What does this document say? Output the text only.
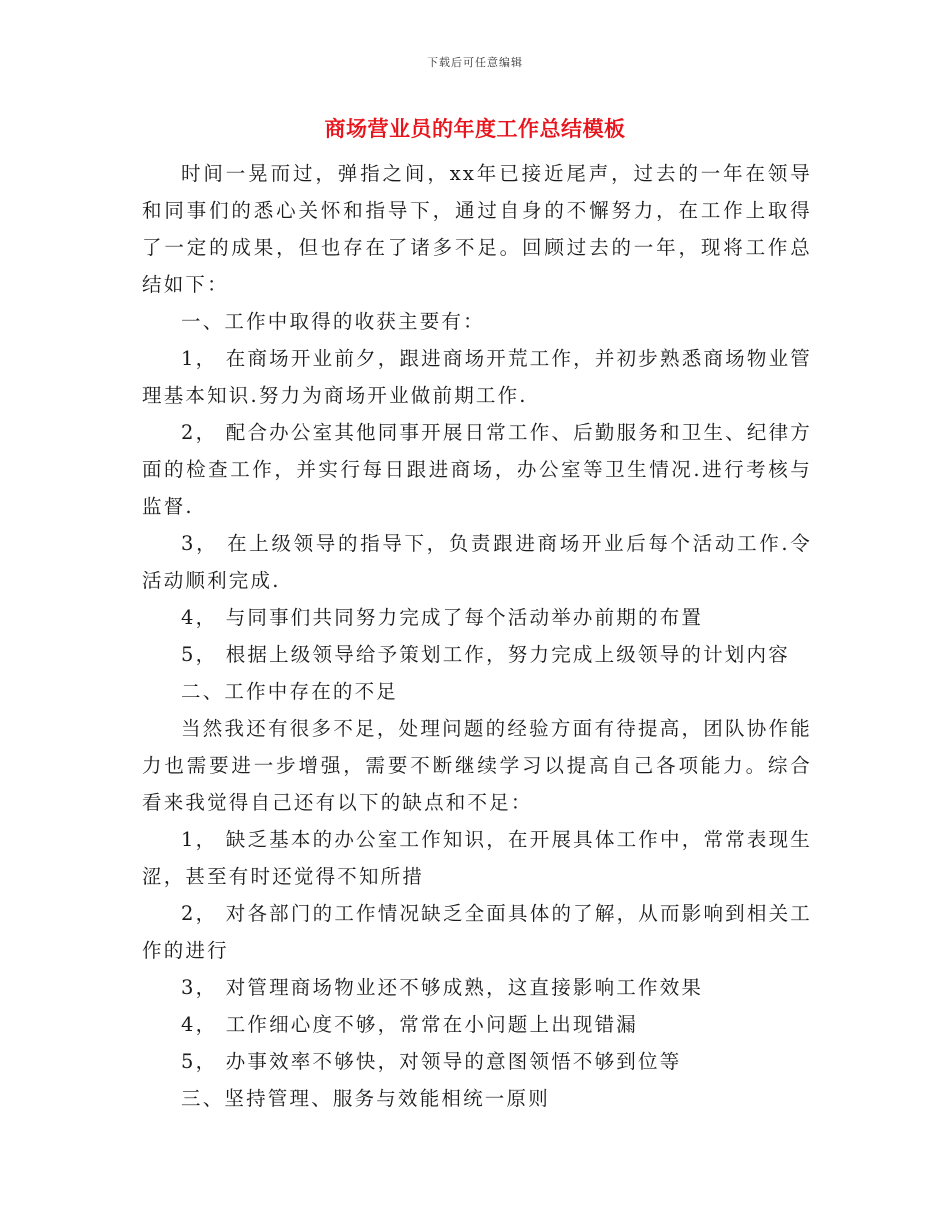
下载后可任意编辑
商场营业员的年度工作总结模板

时间一晃而过，弹指之间，xx年已接近尾声，过去的一年在领导和同事们的悉心关怀和指导下，通过自身的不懈努力，在工作上取得了一定的成果，但也存在了诸多不足。回顾过去的一年，现将工作总结如下：

一、工作中取得的收获主要有：

1， 在商场开业前夕，跟进商场开荒工作，并初步熟悉商场物业管理基本知识.努力为商场开业做前期工作.

2， 配合办公室其他同事开展日常工作、后勤服务和卫生、纪律方面的检查工作，并实行每日跟进商场，办公室等卫生情况.进行考核与监督.

3， 在上级领导的指导下，负责跟进商场开业后每个活动工作.令活动顺利完成.

4， 与同事们共同努力完成了每个活动举办前期的布置

5， 根据上级领导给予策划工作，努力完成上级领导的计划内容

二、工作中存在的不足

当然我还有很多不足，处理问题的经验方面有待提高，团队协作能力也需要进一步增强，需要不断继续学习以提高自己各项能力。综合看来我觉得自己还有以下的缺点和不足：

1， 缺乏基本的办公室工作知识，在开展具体工作中，常常表现生涩，甚至有时还觉得不知所措

2， 对各部门的工作情况缺乏全面具体的了解，从而影响到相关工作的进行

3， 对管理商场物业还不够成熟，这直接影响工作效果

4， 工作细心度不够，常常在小问题上出现错漏

5， 办事效率不够快，对领导的意图领悟不够到位等

三、坚持管理、服务与效能相统一原则
